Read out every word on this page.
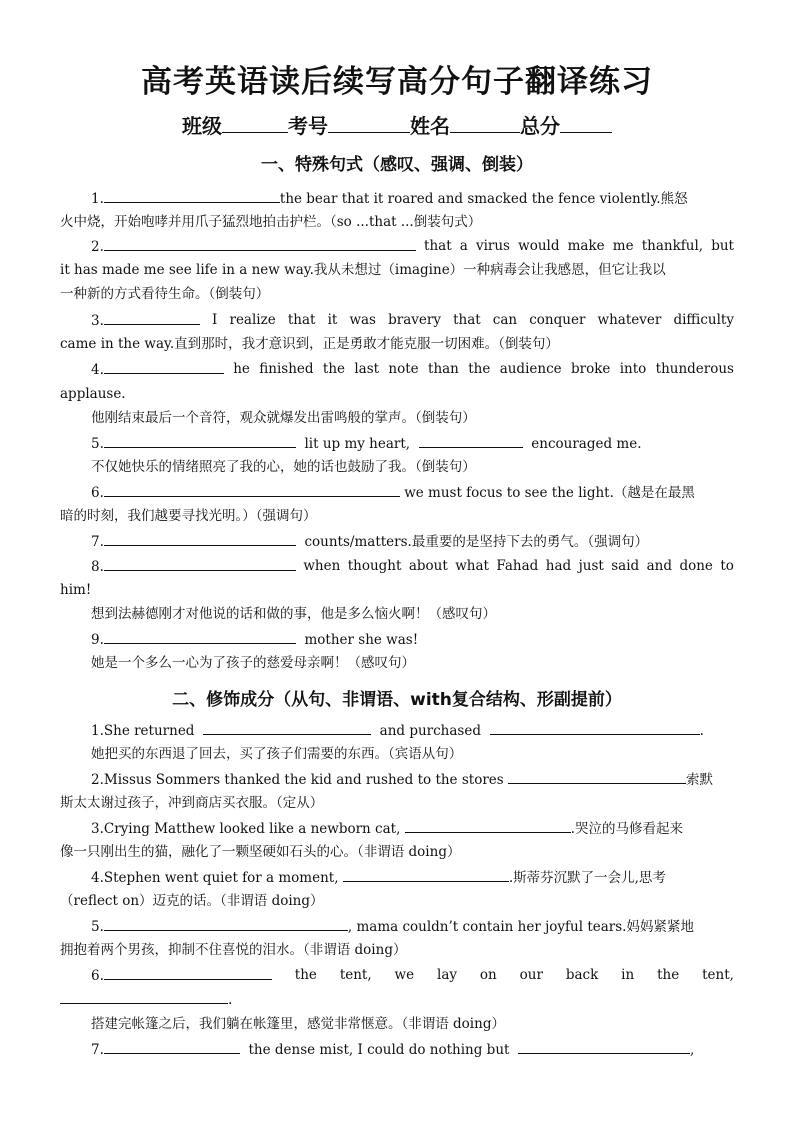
高考英语读后续写高分句子翻译练习
班级	考号	姓名	总分
一、特殊句式（感叹、强调、倒装）
1.	the bear that it roared and smacked the fence violently.熊怒
火中烧，开始咆哮并用爪子猛烈地拍击护栏。（so ...that ...倒装句式）
2.	that a virus would make me thankful, but
it has made me see life in a new way.我从未想过（imagine）一种病毒会让我感恩，但它让我以
一种新的方式看待生命。（倒装句）
3.	I realize that it was bravery that can conquer whatever difficulty
came in the way.直到那时，我才意识到，正是勇敢才能克服一切困难。（倒装句）
4.	he finished the last note than the audience broke into thunderous
applause.
他刚结束最后一个音符，观众就爆发出雷鸣般的掌声。（倒装句）
5.	lit up my heart,	encouraged me.
不仅她快乐的情绪照亮了我的心，她的话也鼓励了我。（倒装句）
6.	we must focus to see the light.（越是在最黑
暗的时刻，我们越要寻找光明。）（强调句）
7.	counts/matters.最重要的是坚持下去的勇气。（强调句）
8.	when thought about what Fahad had just said and done to
him!
想到法赫德刚才对他说的话和做的事，他是多么恼火啊！（感叹句）
9.	mother she was!
她是一个多么一心为了孩子的慈爱母亲啊！（感叹句）
二、修饰成分（从句、非谓语、with复合结构、形副提前）
1.She returned	and purchased	.
她把买的东西退了回去，买了孩子们需要的东西。（宾语从句）
2.Missus Sommers thanked the kid and rushed to the stores	索默
斯太太谢过孩子，冲到商店买衣服。（定从）
3.Crying Matthew looked like a newborn cat,	.哭泣的马修看起来
像一只刚出生的猫，融化了一颗坚硬如石头的心。（非谓语 doing）
4.Stephen went quiet for a moment,	.斯蒂芬沉默了一会儿,思考
（reflect on）迈克的话。（非谓语 doing）
5.	, mama couldn’t contain her joyful tears.妈妈紧紧地
拥抱着两个男孩，抑制不住喜悦的泪水。（非谓语 doing）
6.	the tent, we lay on our back in the tent,
.
搭建完帐篷之后，我们躺在帐篷里，感觉非常惬意。（非谓语 doing）
7.	the dense mist, I could do nothing but	,
